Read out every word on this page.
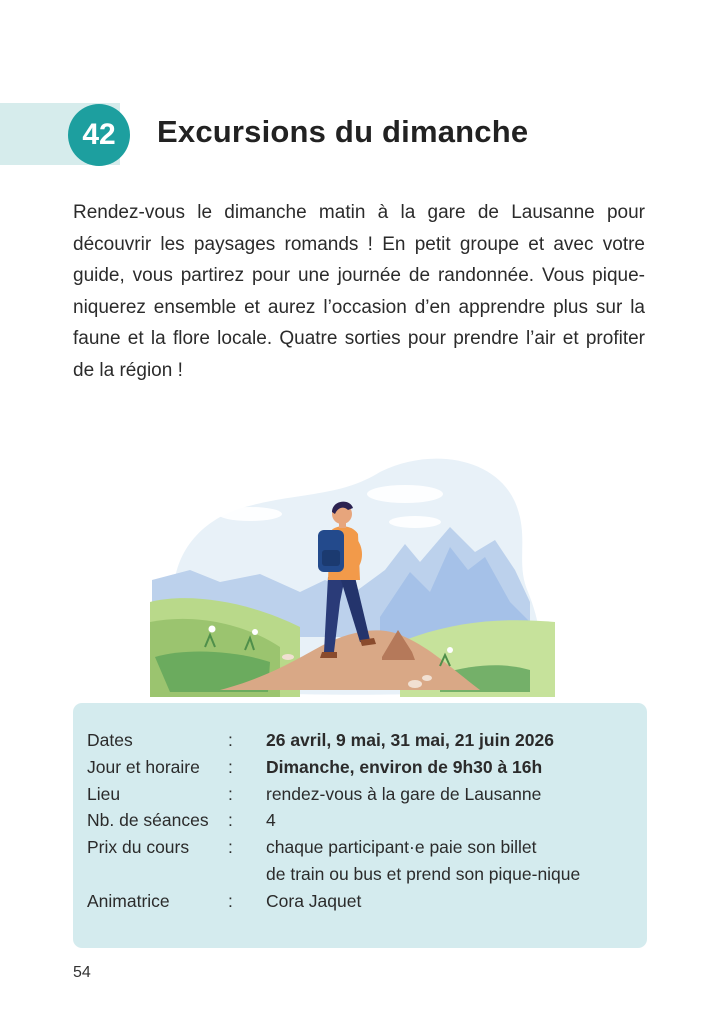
42	Excursions du dimanche

Rendez-vous le dimanche matin à la gare de Lausanne pour découvrir les paysages romands ! En petit groupe et avec votre guide, vous partirez pour une journée de randonnée. Vous pique-niquerez ensemble et aurez l’occasion d’en apprendre plus sur la faune et la flore locale. Quatre sorties pour prendre l’air et profiter de la région !

Dates	:	26 avril, 9 mai, 31 mai, 21 juin 2026
Jour et horaire	:	Dimanche, environ de 9h30 à 16h
Lieu	:	rendez-vous à la gare de Lausanne
Nb. de séances	:	4
Prix du cours	:	chaque participant·e paie son billet
de train ou bus et prend son pique-nique

Animatrice	:	Cora Jaquet
54
